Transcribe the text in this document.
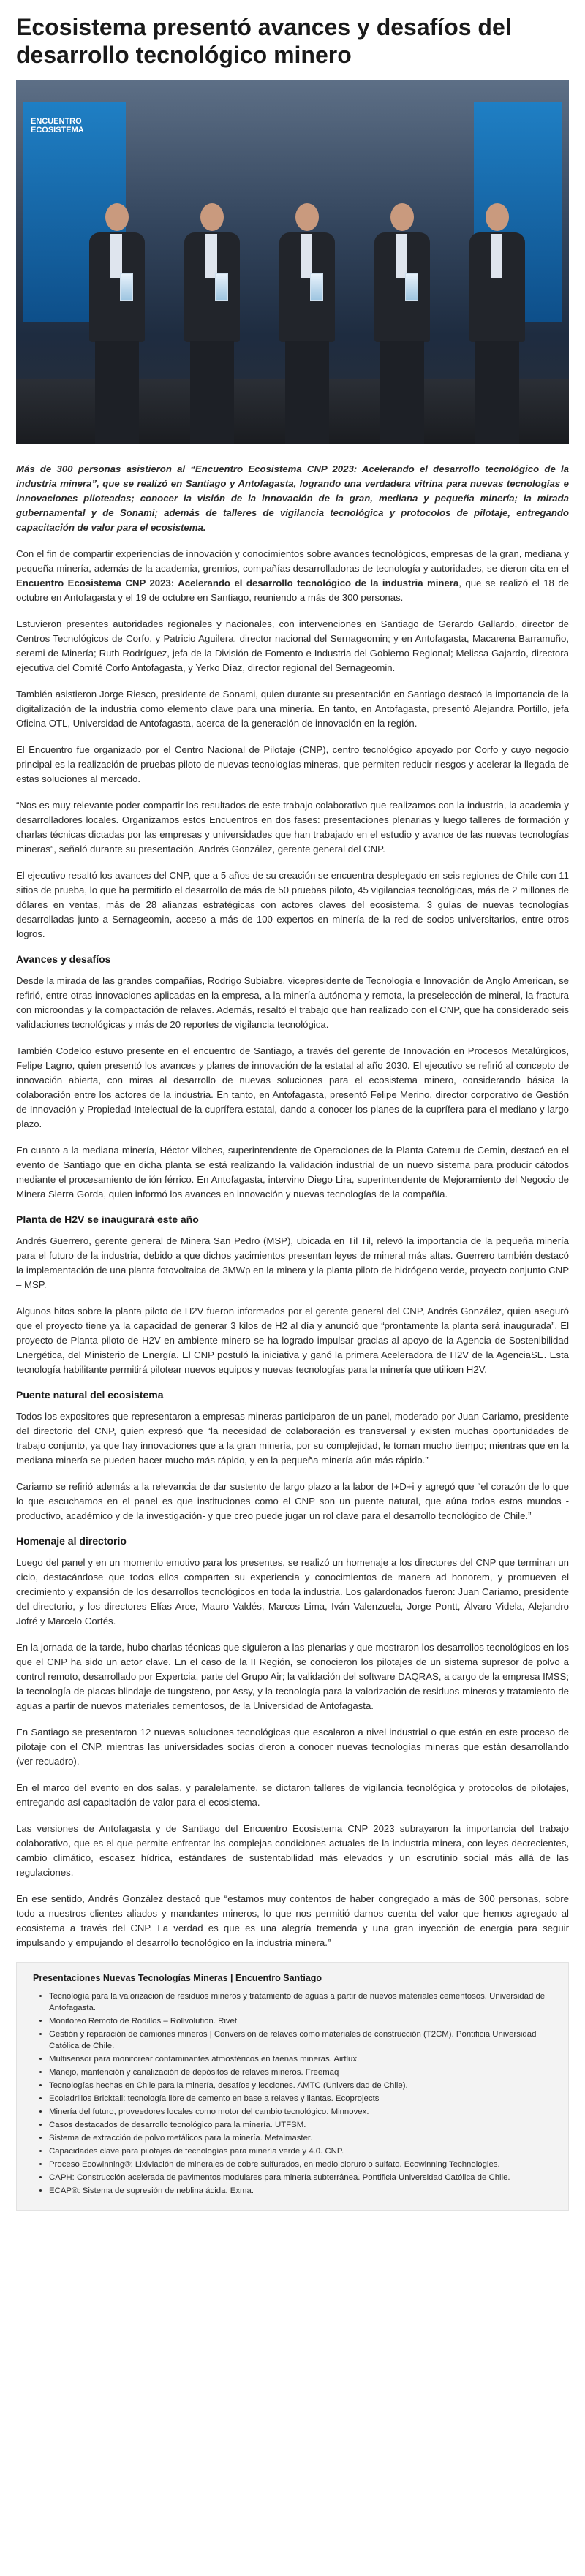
Ecosistema presentó avances y desafíos del desarrollo tecnológico minero
ENCUENTRO ECOSISTEMA

Más de 300 personas asistieron al “Encuentro Ecosistema CNP 2023: Acelerando el desarrollo tecnológico de la industria minera”, que se realizó en Santiago y Antofagasta, logrando una verdadera vitrina para nuevas tecnologías e innovaciones piloteadas; conocer la visión de la innovación de la gran, mediana y pequeña minería; la mirada gubernamental y de Sonami; además de talleres de vigilancia tecnológica y protocolos de pilotaje, entregando capacitación de valor para el ecosistema.

Con el fin de compartir experiencias de innovación y conocimientos sobre avances tecnológicos, empresas de la gran, mediana y pequeña minería, además de la academia, gremios, compañías desarrolladoras de tecnología y autoridades, se dieron cita en el Encuentro Ecosistema CNP 2023: Acelerando el desarrollo tecnológico de la industria minera, que se realizó el 18 de octubre en Antofagasta y el 19 de octubre en Santiago, reuniendo a más de 300 personas.

Estuvieron presentes autoridades regionales y nacionales, con intervenciones en Santiago de Gerardo Gallardo, director de Centros Tecnológicos de Corfo, y Patricio Aguilera, director nacional del Sernageomin; y en Antofagasta, Macarena Barramuño, seremi de Minería; Ruth Rodríguez, jefa de la División de Fomento e Industria del Gobierno Regional; Melissa Gajardo, directora ejecutiva del Comité Corfo Antofagasta, y Yerko Díaz, director regional del Sernageomin.

También asistieron Jorge Riesco, presidente de Sonami, quien durante su presentación en Santiago destacó la importancia de la digitalización de la industria como elemento clave para una minería. En tanto, en Antofagasta, presentó Alejandra Portillo, jefa Oficina OTL, Universidad de Antofagasta, acerca de la generación de innovación en la región.

El Encuentro fue organizado por el Centro Nacional de Pilotaje (CNP), centro tecnológico apoyado por Corfo y cuyo negocio principal es la realización de pruebas piloto de nuevas tecnologías mineras, que permiten reducir riesgos y acelerar la llegada de estas soluciones al mercado.

“Nos es muy relevante poder compartir los resultados de este trabajo colaborativo que realizamos con la industria, la academia y desarrolladores locales. Organizamos estos Encuentros en dos fases: presentaciones plenarias y luego talleres de formación y charlas técnicas dictadas por las empresas y universidades que han trabajado en el estudio y avance de las nuevas tecnologías mineras”, señaló durante su presentación, Andrés González, gerente general del CNP.

El ejecutivo resaltó los avances del CNP, que a 5 años de su creación se encuentra desplegado en seis regiones de Chile con 11 sitios de prueba, lo que ha permitido el desarrollo de más de 50 pruebas piloto, 45 vigilancias tecnológicas, más de 2 millones de dólares en ventas, más de 28 alianzas estratégicas con actores claves del ecosistema, 3 guías de nuevas tecnologías desarrolladas junto a Sernageomin, acceso a más de 100 expertos en minería de la red de socios universitarios, entre otros logros.

Avances y desafíos

Desde la mirada de las grandes compañías, Rodrigo Subiabre, vicepresidente de Tecnología e Innovación de Anglo American, se refirió, entre otras innovaciones aplicadas en la empresa, a la minería autónoma y remota, la preselección de mineral, la fractura con microondas y la compactación de relaves. Además, resaltó el trabajo que han realizado con el CNP, que ha considerado seis validaciones tecnológicas y más de 20 reportes de vigilancia tecnológica.

También Codelco estuvo presente en el encuentro de Santiago, a través del gerente de Innovación en Procesos Metalúrgicos, Felipe Lagno, quien presentó los avances y planes de innovación de la estatal al año 2030. El ejecutivo se refirió al concepto de innovación abierta, con miras al desarrollo de nuevas soluciones para el ecosistema minero, considerando básica la colaboración entre los actores de la industria. En tanto, en Antofagasta, presentó Felipe Merino, director corporativo de Gestión de Innovación y Propiedad Intelectual de la cuprífera estatal, dando a conocer los planes de la cuprífera para el mediano y largo plazo.

En cuanto a la mediana minería, Héctor Vilches, superintendente de Operaciones de la Planta Catemu de Cemin, destacó en el evento de Santiago que en dicha planta se está realizando la validación industrial de un nuevo sistema para producir cátodos mediante el procesamiento de ión férrico. En Antofagasta, intervino Diego Lira, superintendente de Mejoramiento del Negocio de Minera Sierra Gorda, quien informó los avances en innovación y nuevas tecnologías de la compañía.

Planta de H2V se inaugurará este año

Andrés Guerrero, gerente general de Minera San Pedro (MSP), ubicada en Til Til, relevó la importancia de la pequeña minería para el futuro de la industria, debido a que dichos yacimientos presentan leyes de mineral más altas. Guerrero también destacó la implementación de una planta fotovoltaica de 3MWp en la minera y la planta piloto de hidrógeno verde, proyecto conjunto CNP – MSP.

Algunos hitos sobre la planta piloto de H2V fueron informados por el gerente general del CNP, Andrés González, quien aseguró que el proyecto tiene ya la capacidad de generar 3 kilos de H2 al día y anunció que “prontamente la planta será inaugurada”. El proyecto de Planta piloto de H2V en ambiente minero se ha logrado impulsar gracias al apoyo de la Agencia de Sostenibilidad Energética, del Ministerio de Energía. El CNP postuló la iniciativa y ganó la primera Aceleradora de H2V de la AgenciaSE. Esta tecnología habilitante permitirá pilotear nuevos equipos y nuevas tecnologías para la minería que utilicen H2V.

Puente natural del ecosistema

Todos los expositores que representaron a empresas mineras participaron de un panel, moderado por Juan Cariamo, presidente del directorio del CNP, quien expresó que “la necesidad de colaboración es transversal y existen muchas oportunidades de trabajo conjunto, ya que hay innovaciones que a la gran minería, por su complejidad, le toman mucho tiempo; mientras que en la mediana minería se pueden hacer mucho más rápido, y en la pequeña minería aún más rápido.”

Cariamo se refirió además a la relevancia de dar sustento de largo plazo a la labor de I+D+i y agregó que “el corazón de lo que lo que escuchamos en el panel es que instituciones como el CNP son un puente natural, que aúna todos estos mundos -productivo, académico y de la investigación- y que creo puede jugar un rol clave para el desarrollo tecnológico de Chile.”

Homenaje al directorio

Luego del panel y en un momento emotivo para los presentes, se realizó un homenaje a los directores del CNP que terminan un ciclo, destacándose que todos ellos comparten su experiencia y conocimientos de manera ad honorem, y promueven el crecimiento y expansión de los desarrollos tecnológicos en toda la industria. Los galardonados fueron: Juan Cariamo, presidente del directorio, y los directores Elías Arce, Mauro Valdés, Marcos Lima, Iván Valenzuela, Jorge Pontt, Álvaro Videla, Alejandro Jofré y Marcelo Cortés.

En la jornada de la tarde, hubo charlas técnicas que siguieron a las plenarias y que mostraron los desarrollos tecnológicos en los que el CNP ha sido un actor clave. En el caso de la II Región, se conocieron los pilotajes de un sistema supresor de polvo a control remoto, desarrollado por Expertcia, parte del Grupo Air; la validación del software DAQRAS, a cargo de la empresa IMSS; la tecnología de placas blindaje de tungsteno, por Assy, y la tecnología para la valorización de residuos mineros y tratamiento de aguas a partir de nuevos materiales cementosos, de la Universidad de Antofagasta.

En Santiago se presentaron 12 nuevas soluciones tecnológicas que escalaron a nivel industrial o que están en este proceso de pilotaje con el CNP, mientras las universidades socias dieron a conocer nuevas tecnologías mineras que están desarrollando (ver recuadro).

En el marco del evento en dos salas, y paralelamente, se dictaron talleres de vigilancia tecnológica y protocolos de pilotajes, entregando así capacitación de valor para el ecosistema.

Las versiones de Antofagasta y de Santiago del Encuentro Ecosistema CNP 2023 subrayaron la importancia del trabajo colaborativo, que es el que permite enfrentar las complejas condiciones actuales de la industria minera, con leyes decrecientes, cambio climático, escasez hídrica, estándares de sustentabilidad más elevados y un escrutinio social más allá de las regulaciones.

En ese sentido, Andrés González destacó que “estamos muy contentos de haber congregado a más de 300 personas, sobre todo a nuestros clientes aliados y mandantes mineros, lo que nos permitió darnos cuenta del valor que hemos agregado al ecosistema a través del CNP. La verdad es que es una alegría tremenda y una gran inyección de energía para seguir impulsando y empujando el desarrollo tecnológico en la industria minera.”

Presentaciones Nuevas Tecnologías Mineras | Encuentro Santiago
• Tecnología para la valorización de residuos mineros y tratamiento de aguas a partir de nuevos materiales cementosos. Universidad de Antofagasta.
• Monitoreo Remoto de Rodillos – Rollvolution. Rivet
• Gestión y reparación de camiones mineros | Conversión de relaves como materiales de construcción (T2CM). Pontificia Universidad Católica de Chile.
• Multisensor para monitorear contaminantes atmosféricos en faenas mineras. Airflux.
• Manejo, mantención y canalización de depósitos de relaves mineros. Freemaq
• Tecnologías hechas en Chile para la minería, desafíos y lecciones. AMTC (Universidad de Chile).
• Ecoladrillos Bricktail: tecnología libre de cemento en base a relaves y llantas. Ecoprojects
• Minería del futuro, proveedores locales como motor del cambio tecnológico. Minnovex.
• Casos destacados de desarrollo tecnológico para la minería. UTFSM.
• Sistema de extracción de polvo metálicos para la minería. Metalmaster.
• Capacidades clave para pilotajes de tecnologías para minería verde y 4.0. CNP.
• Proceso Ecowinning®: Lixiviación de minerales de cobre sulfurados, en medio cloruro o sulfato. Ecowinning Technologies.
• CAPH: Construcción acelerada de pavimentos modulares para minería subterránea. Pontificia Universidad Católica de Chile.
• ECAP®: Sistema de supresión de neblina ácida. Exma.
